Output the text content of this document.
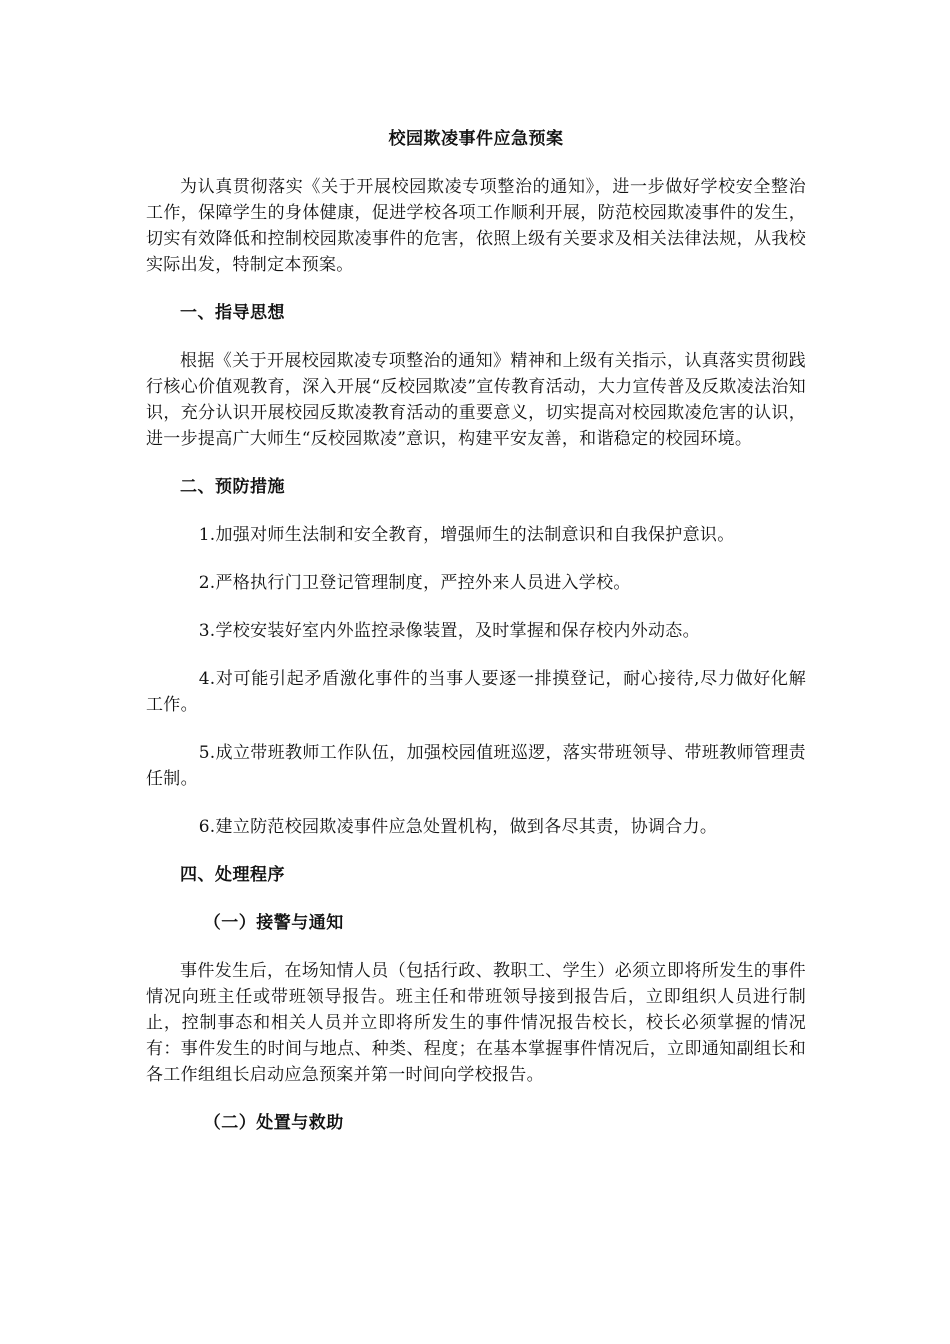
校园欺凌事件应急预案

为认真贯彻落实《关于开展校园欺凌专项整治的通知》，进一步做好学校安全整治工作，保障学生的身体健康，促进学校各项工作顺利开展，防范校园欺凌事件的发生，切实有效降低和控制校园欺凌事件的危害，依照上级有关要求及相关法律法规，从我校实际出发，特制定本预案。

一、指导思想

根据《关于开展校园欺凌专项整治的通知》精神和上级有关指示，认真落实贯彻践行核心价值观教育，深入开展“反校园欺凌”宣传教育活动，大力宣传普及反欺凌法治知识，充分认识开展校园反欺凌教育活动的重要意义，切实提高对校园欺凌危害的认识，进一步提高广大师生“反校园欺凌”意识，构建平安友善，和谐稳定的校园环境。

二、预防措施

1.加强对师生法制和安全教育，增强师生的法制意识和自我保护意识。

2.严格执行门卫登记管理制度，严控外来人员进入学校。

3.学校安装好室内外监控录像装置，及时掌握和保存校内外动态。

4.对可能引起矛盾激化事件的当事人要逐一排摸登记，耐心接待,尽力做好化解工作。

5.成立带班教师工作队伍，加强校园值班巡逻，落实带班领导、带班教师管理责任制。

6.建立防范校园欺凌事件应急处置机构，做到各尽其责，协调合力。

四、处理程序

（一）接警与通知

事件发生后，在场知情人员（包括行政、教职工、学生）必须立即将所发生的事件情况向班主任或带班领导报告。班主任和带班领导接到报告后，立即组织人员进行制止，控制事态和相关人员并立即将所发生的事件情况报告校长，校长必须掌握的情况有：事件发生的时间与地点、种类、程度；在基本掌握事件情况后，立即通知副组长和各工作组组长启动应急预案并第一时间向学校报告。

（二）处置与救助
